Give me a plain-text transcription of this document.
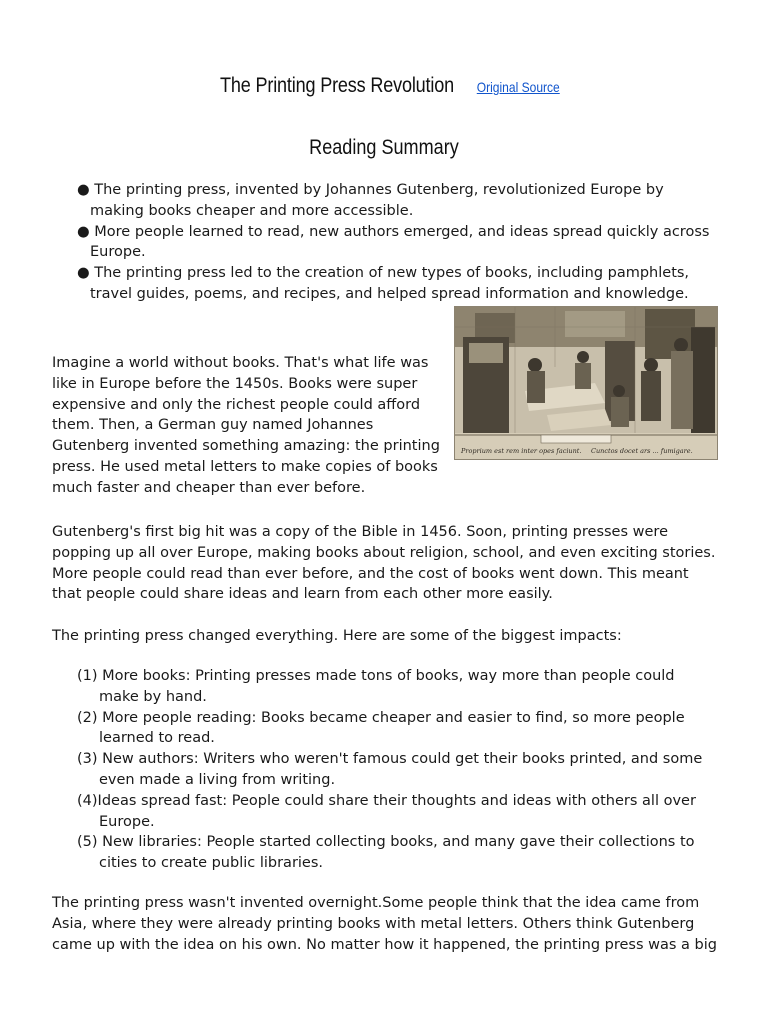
The Printing Press Revolution Original Source
Reading Summary

● The printing press, invented by Johannes Gutenberg, revolutionized Europe by making books cheaper and more accessible.

● More people learned to read, new authors emerged, and ideas spread quickly across Europe.

● The printing press led to the creation of new types of books, including pamphlets, travel guides, poems, and recipes, and helped spread information and knowledge.

Imagine a world without books. That's what life was like in Europe before the 1450s. Books were super expensive and only the richest people could afford them. Then, a German guy named Johannes Gutenberg invented something amazing: the printing press. He used metal letters to make copies of books much faster and cheaper than ever before.

Proprium est rem inter opes faciunt. Cunctos docet ars ... fumigare.

Gutenberg's first big hit was a copy of the Bible in 1456. Soon, printing presses were popping up all over Europe, making books about religion, school, and even exciting stories. More people could read than ever before, and the cost of books went down. This meant that people could share ideas and learn from each other more easily.

The printing press changed everything. Here are some of the biggest impacts:

(1) More books: Printing presses made tons of books, way more than people could make by hand.
(2) More people reading: Books became cheaper and easier to find, so more people learned to read.
(3) New authors: Writers who weren't famous could get their books printed, and some even made a living from writing.
(4)Ideas spread fast: People could share their thoughts and ideas with others all over Europe.
(5) New libraries: People started collecting books, and many gave their collections to cities to create public libraries.

The printing press wasn't invented overnight.Some people think that the idea came from Asia, where they were already printing books with metal letters. Others think Gutenberg came up with the idea on his own. No matter how it happened, the printing press was a big
